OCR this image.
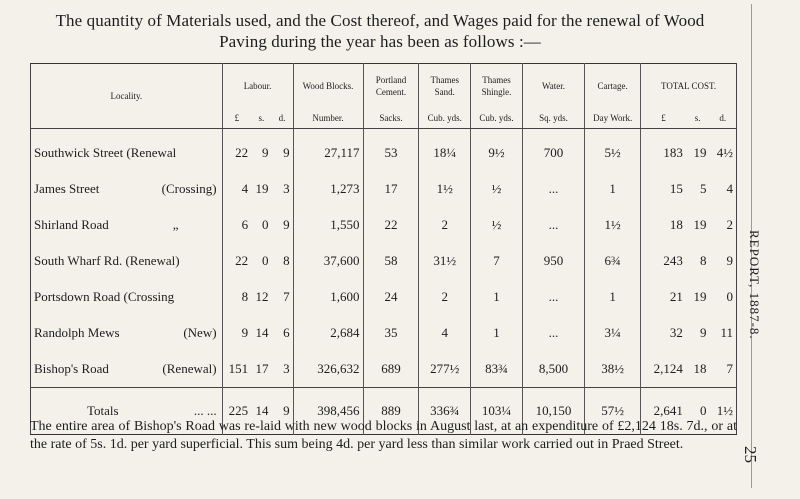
The quantity of Materials used, and the Cost thereof, and Wages paid for the renewal of Wood Paving during the year has been as follows :—
REPORT, 1887-8.
25
Locality.	Labour.			Wood Blocks.	Portland Cement.	Thames Sand.	Thames Shingle.	Water.	Cartage.	TOTAL COST.		
	£	s.	d.	Number.	Sacks.	Cub. yds.	Cub. yds.	Sq. yds.	Day Work.	£	s.	d.
Southwick Street (Renewal	22	9	9	27,117	53	18¼	9½	700	5½	183	19	4½
James Street (Crossing)	4	19	3	1,273	17	1½	½	...	1	15	5	4
Shirland Road „	6	0	9	1,550	22	2	½	...	1½	18	19	2
South Wharf Rd. (Renewal)	22	0	8	37,600	58	31½	7	950	6¾	243	8	9
Portsdown Road (Crossing	8	12	7	1,600	24	2	1	...	1	21	19	0
Randolph Mews (New)	9	14	6	2,684	35	4	1	...	3¼	32	9	11
Bishop's Road (Renewal)	151	17	3	326,632	689	277½	83¾	8,500	38½	2,124	18	7
Totals ... ...	225	14	9	398,456	889	336¾	103¼	10,150	57½	2,641	0	1½
The entire area of Bishop's Road was re-laid with new wood blocks in August last, at an expenditure of £2,124 18s. 7d., or at the rate of 5s. 1d. per yard superficial. This sum being 4d. per yard less than similar work carried out in Praed Street.
